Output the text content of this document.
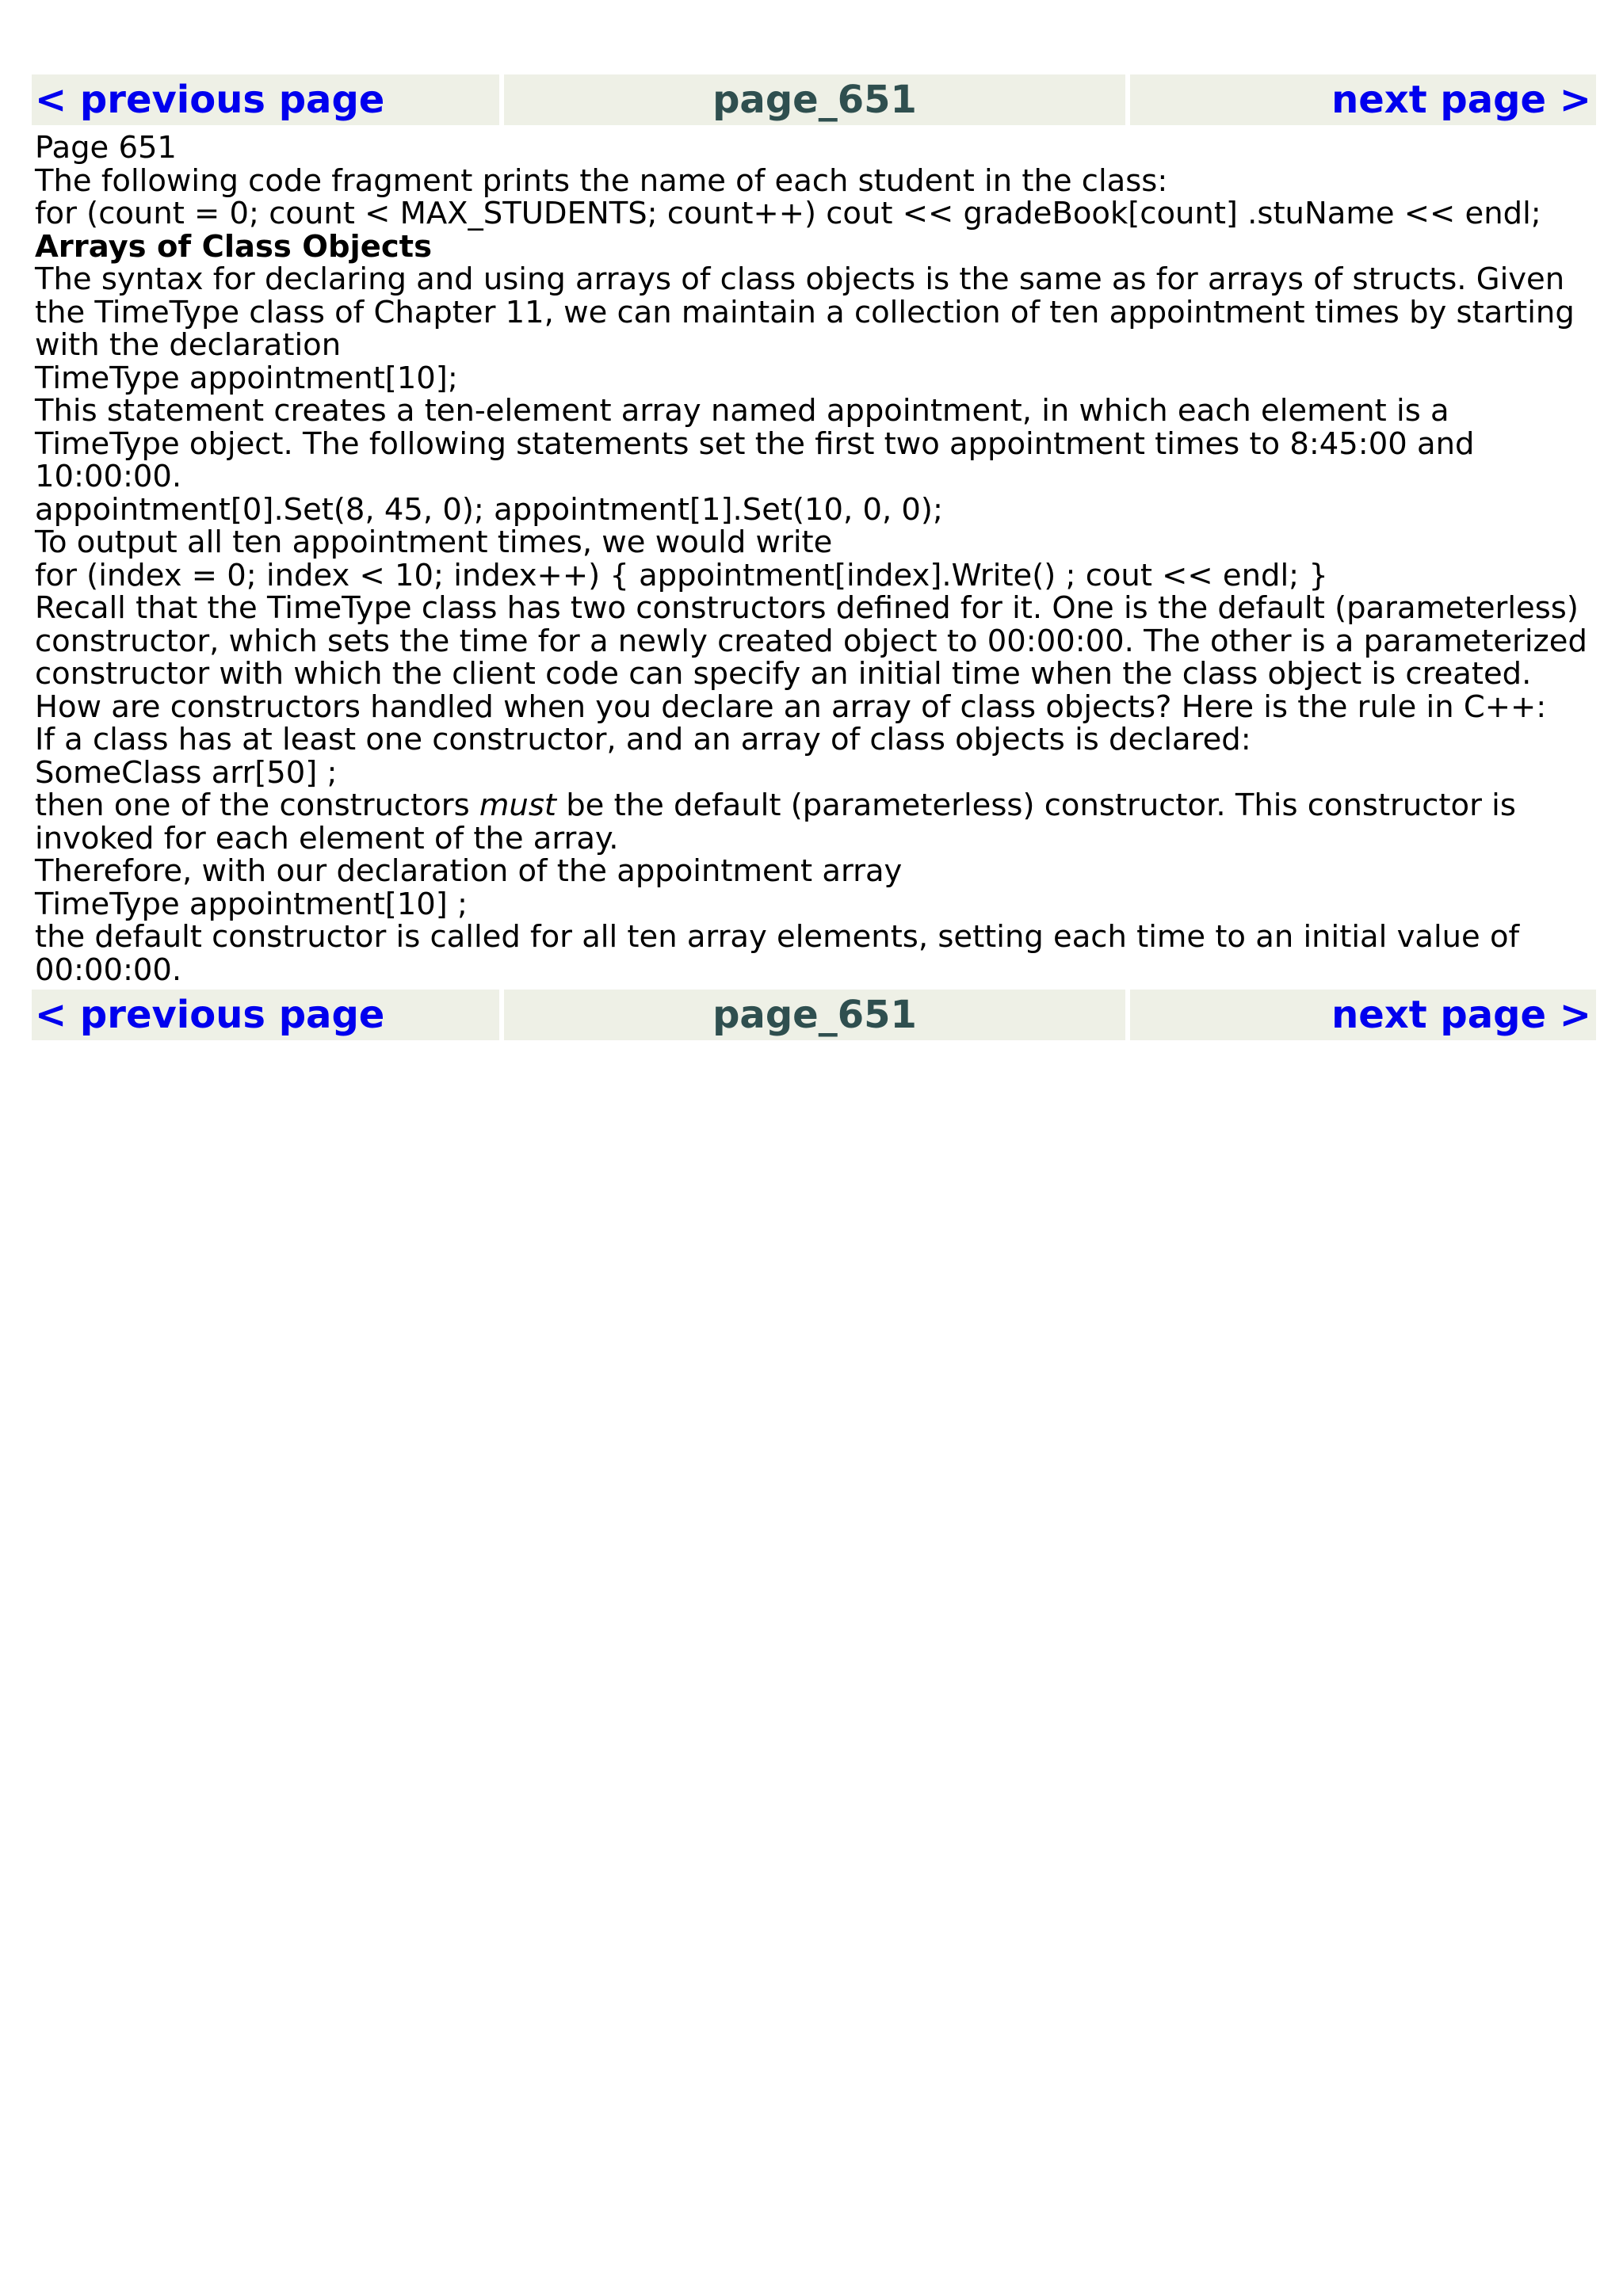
< previous page	page_651	next page >

Page 651

The following code fragment prints the name of each student in the class:

for (count = 0; count < MAX_STUDENTS; count++) cout << gradeBook[count] .stuName << endl;

Arrays of Class Objects

The syntax for declaring and using arrays of class objects is the same as for arrays of structs. Given the TimeType class of Chapter 11, we can maintain a collection of ten appointment times by starting with the declaration

TimeType appointment[10];

This statement creates a ten-element array named appointment, in which each element is a TimeType object. The following statements set the first two appointment times to 8:45:00 and 10:00:00.

appointment[0].Set(8, 45, 0); appointment[1].Set(10, 0, 0);

To output all ten appointment times, we would write

for (index = 0; index < 10; index++) { appointment[index].Write() ; cout << endl; }

Recall that the TimeType class has two constructors defined for it. One is the default (parameterless) constructor, which sets the time for a newly created object to 00:00:00. The other is a parameterized constructor with which the client code can specify an initial time when the class object is created. How are constructors handled when you declare an array of class objects? Here is the rule in C++:

If a class has at least one constructor, and an array of class objects is declared:

SomeClass arr[50] ;

then one of the constructors must be the default (parameterless) constructor. This constructor is invoked for each element of the array.

Therefore, with our declaration of the appointment array

TimeType appointment[10] ;

the default constructor is called for all ten array elements, setting each time to an initial value of 00:00:00.

< previous page	page_651	next page >
